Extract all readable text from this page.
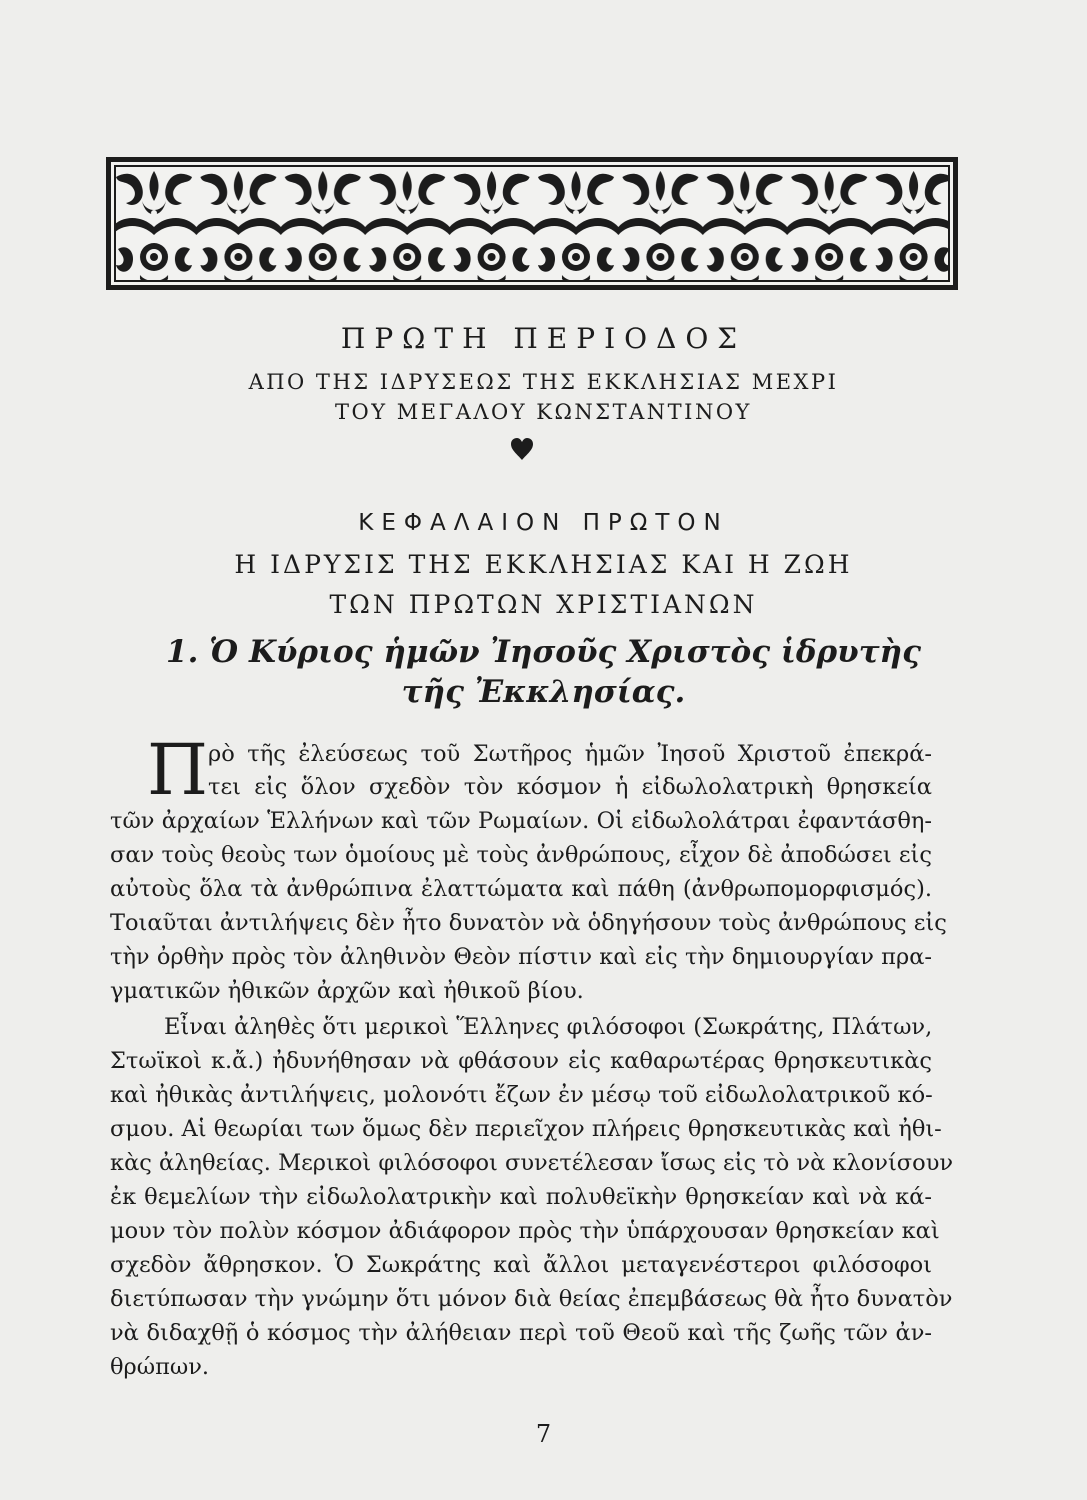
ΠΡΩΤΗ ΠΕΡΙΟΔΟΣ
ΑΠΟ ΤΗΣ ΙΔΡΥΣΕΩΣ ΤΗΣ ΕΚΚΛΗΣΙΑΣ ΜΕΧΡΙ
ΤΟΥ ΜΕΓΑΛΟΥ ΚΩΝΣΤΑΝΤΙΝΟΥ
ΚΕΦΑΛΑΙΟΝ ΠΡΩΤΟΝ
Η ΙΔΡΥΣΙΣ ΤΗΣ ΕΚΚΛΗΣΙΑΣ ΚΑΙ Η ΖΩΗ
ΤΩΝ ΠΡΩΤΩΝ ΧΡΙΣΤΙΑΝΩΝ
1. Ὁ Κύριος ἡμῶν Ἰησοῦς Χριστὸς ἱδρυτὴς
τῆς Ἐκκλησίας.
Π ρὸ τῆς ἐλεύσεως τοῦ Σωτῆρος ἡμῶν Ἰησοῦ Χριστοῦ ἐπεκρά-
τει εἰς ὅλον σχεδὸν τὸν κόσμον ἡ εἰδωλολατρικὴ θρησκεία
τῶν ἀρχαίων Ἑλλήνων καὶ τῶν Ρωμαίων. Οἱ εἰδωλολάτραι ἐφαντάσθη-
σαν τοὺς θεοὺς των ὁμοίους μὲ τοὺς ἀνθρώπους, εἶχον δὲ ἀποδώσει εἰς
αὐτοὺς ὅλα τὰ ἀνθρώπινα ἐλαττώματα καὶ πάθη (ἀνθρωπομορφισμός).
Τοιαῦται ἀντιλήψεις δὲν ἦτο δυνατὸν νὰ ὁδηγήσουν τοὺς ἀνθρώπους εἰς
τὴν ὀρθὴν πρὸς τὸν ἀληθινὸν Θεὸν πίστιν καὶ εἰς τὴν δημιουργίαν πρα-
γματικῶν ἠθικῶν ἀρχῶν καὶ ἠθικοῦ βίου.
Εἶναι ἀληθὲς ὅτι μερικοὶ Ἕλληνες φιλόσοφοι (Σωκράτης, Πλάτων,
Στωϊκοὶ κ.ἄ.) ἠδυνήθησαν νὰ φθάσουν εἰς καθαρωτέρας θρησκευτικὰς
καὶ ἠθικὰς ἀντιλήψεις, μολονότι ἔζων ἐν μέσῳ τοῦ εἰδωλολατρικοῦ κό-
σμου. Αἱ θεωρίαι των ὅμως δὲν περιεῖχον πλήρεις θρησκευτικὰς καὶ ἠθι-
κὰς ἀληθείας. Μερικοὶ φιλόσοφοι συνετέλεσαν ἴσως εἰς τὸ νὰ κλονίσουν
ἐκ θεμελίων τὴν εἰδωλολατρικὴν καὶ πολυθεϊκὴν θρησκείαν καὶ νὰ κά-
μουν τὸν πολὺν κόσμον ἀδιάφορον πρὸς τὴν ὑπάρχουσαν θρησκείαν καὶ
σχεδὸν ἄθρησκον. Ὁ Σωκράτης καὶ ἄλλοι μεταγενέστεροι φιλόσοφοι
διετύπωσαν τὴν γνώμην ὅτι μόνον διὰ θείας ἐπεμβάσεως θὰ ἦτο δυνατὸν
νὰ διδαχθῇ ὁ κόσμος τὴν ἀλήθειαν περὶ τοῦ Θεοῦ καὶ τῆς ζωῆς τῶν ἀν-
θρώπων.
7
